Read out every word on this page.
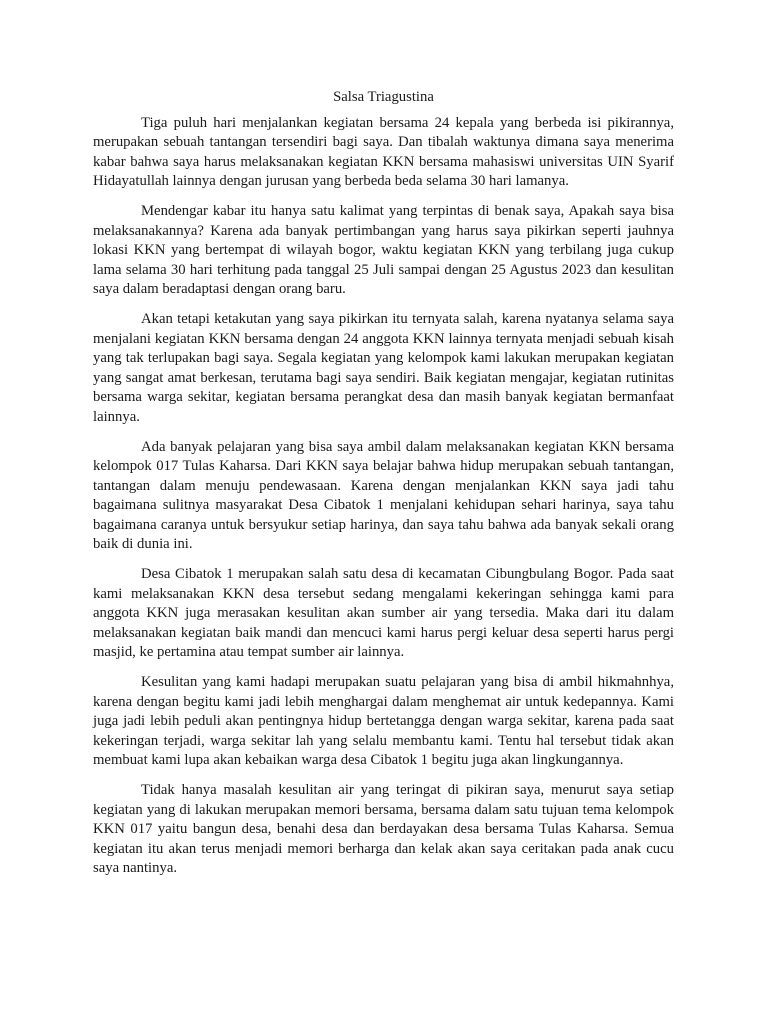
Salsa Triagustina

Tiga puluh hari menjalankan kegiatan bersama 24 kepala yang berbeda isi pikirannya, merupakan sebuah tantangan tersendiri bagi saya. Dan tibalah waktunya dimana saya menerima kabar bahwa saya harus melaksanakan kegiatan KKN bersama mahasiswi universitas UIN Syarif Hidayatullah lainnya dengan jurusan yang berbeda beda selama 30 hari lamanya.

Mendengar kabar itu hanya satu kalimat yang terpintas di benak saya, Apakah saya bisa melaksanakannya? Karena ada banyak pertimbangan yang harus saya pikirkan seperti jauhnya lokasi KKN yang bertempat di wilayah bogor, waktu kegiatan KKN yang terbilang juga cukup lama selama 30 hari terhitung pada tanggal 25 Juli sampai dengan 25 Agustus 2023 dan kesulitan saya dalam beradaptasi dengan orang baru.

Akan tetapi ketakutan yang saya pikirkan itu ternyata salah, karena nyatanya selama saya menjalani kegiatan KKN bersama dengan 24 anggota KKN lainnya ternyata menjadi sebuah kisah yang tak terlupakan bagi saya. Segala kegiatan yang kelompok kami lakukan merupakan kegiatan yang sangat amat berkesan, terutama bagi saya sendiri. Baik kegiatan mengajar, kegiatan rutinitas bersama warga sekitar, kegiatan bersama perangkat desa dan masih banyak kegiatan bermanfaat lainnya.

Ada banyak pelajaran yang bisa saya ambil dalam melaksanakan kegiatan KKN bersama kelompok 017 Tulas Kaharsa. Dari KKN saya belajar bahwa hidup merupakan sebuah tantangan, tantangan dalam menuju pendewasaan. Karena dengan menjalankan KKN saya jadi tahu bagaimana sulitnya masyarakat Desa Cibatok 1 menjalani kehidupan sehari harinya, saya tahu bagaimana caranya untuk bersyukur setiap harinya, dan saya tahu bahwa ada banyak sekali orang baik di dunia ini.

Desa Cibatok 1 merupakan salah satu desa di kecamatan Cibungbulang Bogor. Pada saat kami melaksanakan KKN desa tersebut sedang mengalami kekeringan sehingga kami para anggota KKN juga merasakan kesulitan akan sumber air yang tersedia. Maka dari itu dalam melaksanakan kegiatan baik mandi dan mencuci kami harus pergi keluar desa seperti harus pergi masjid, ke pertamina atau tempat sumber air lainnya.

Kesulitan yang kami hadapi merupakan suatu pelajaran yang bisa di ambil hikmahnhya, karena dengan begitu kami jadi lebih menghargai dalam menghemat air untuk kedepannya. Kami juga jadi lebih peduli akan pentingnya hidup bertetangga dengan warga sekitar, karena pada saat kekeringan terjadi, warga sekitar lah yang selalu membantu kami. Tentu hal tersebut tidak akan membuat kami lupa akan kebaikan warga desa Cibatok 1 begitu juga akan lingkungannya.

Tidak hanya masalah kesulitan air yang teringat di pikiran saya, menurut saya setiap kegiatan yang di lakukan merupakan memori bersama, bersama dalam satu tujuan tema kelompok KKN 017 yaitu bangun desa, benahi desa dan berdayakan desa bersama Tulas Kaharsa. Semua kegiatan itu akan terus menjadi memori berharga dan kelak akan saya ceritakan pada anak cucu saya nantinya.
